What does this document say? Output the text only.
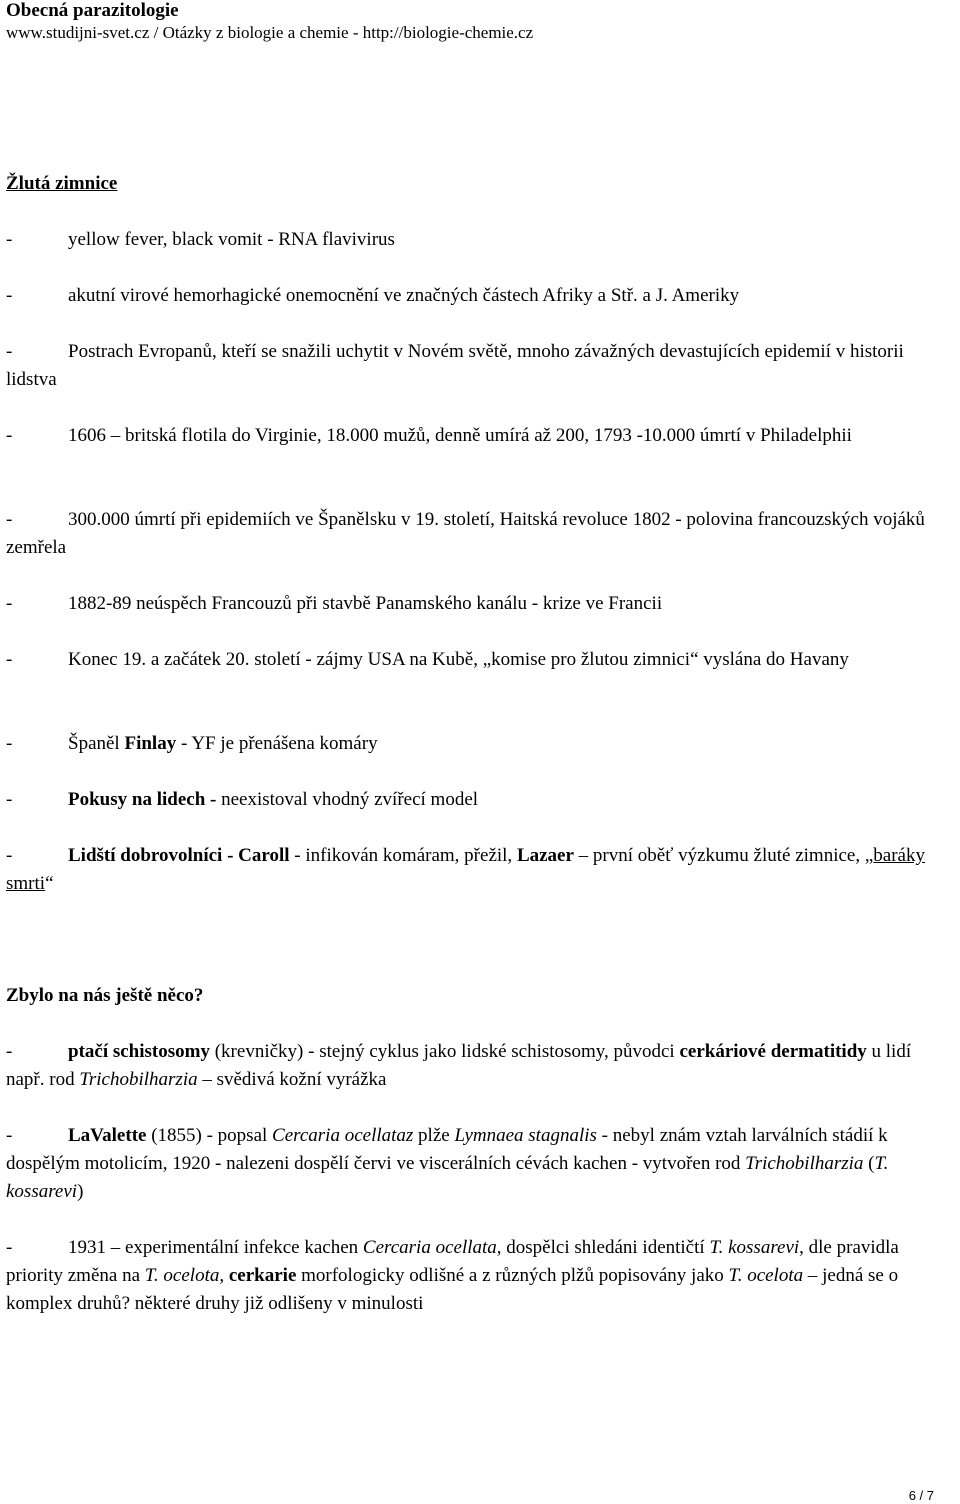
Obecná parazitologie
www.studijni-svet.cz / Otázky z biologie a chemie - http://biologie-chemie.cz
Žlutá zimnice

-	yellow fever, black vomit - RNA flavivirus

-	akutní virové hemorhagické onemocnění ve značných částech Afriky a Stř. a J. Ameriky

-	Postrach Evropanů, kteří se snažili uchytit v Novém světě, mnoho závažných devastujících epidemií v historii lidstva

-	1606 – britská flotila do Virginie, 18.000 mužů, denně umírá až 200, 1793 -10.000 úmrtí v Philadelphii

-	300.000 úmrtí při epidemiích ve Španělsku v 19. století, Haitská revoluce 1802 - polovina francouzských vojáků zemřela

-	1882-89 neúspěch Francouzů při stavbě Panamského kanálu - krize ve Francii

-	Konec 19. a začátek 20. století - zájmy USA na Kubě, „komise pro žlutou zimnici“ vyslána do Havany

-	Španěl Finlay - YF je přenášena komáry

-	Pokusy na lidech - neexistoval vhodný zvířecí model

-	Lidští dobrovolníci - Caroll - infikován komáram, přežil, Lazaer – první oběť výzkumu žluté zimnice, „baráky smrti“

Zbylo na nás ještě něco?

-	ptačí schistosomy (krevničky) - stejný cyklus jako lidské schistosomy, původci cerkáriové dermatitidy u lidí např. rod Trichobilharzia – svědivá kožní vyrážka

-	LaValette (1855) - popsal Cercaria ocellataz plže Lymnaea stagnalis - nebyl znám vztah larválních stádií k dospělým motolicím, 1920 - nalezeni dospělí červi ve viscerálních cévách kachen - vytvořen rod Trichobilharzia (T. kossarevi)

-	1931 – experimentální infekce kachen Cercaria ocellata, dospělci shledáni identičtí T. kossarevi, dle pravidla priority změna na T. ocelota, cerkarie morfologicky odlišné a z různých plžů popisovány jako T. ocelota – jedná se o komplex druhů? některé druhy již odlišeny v minulosti

6 / 7
